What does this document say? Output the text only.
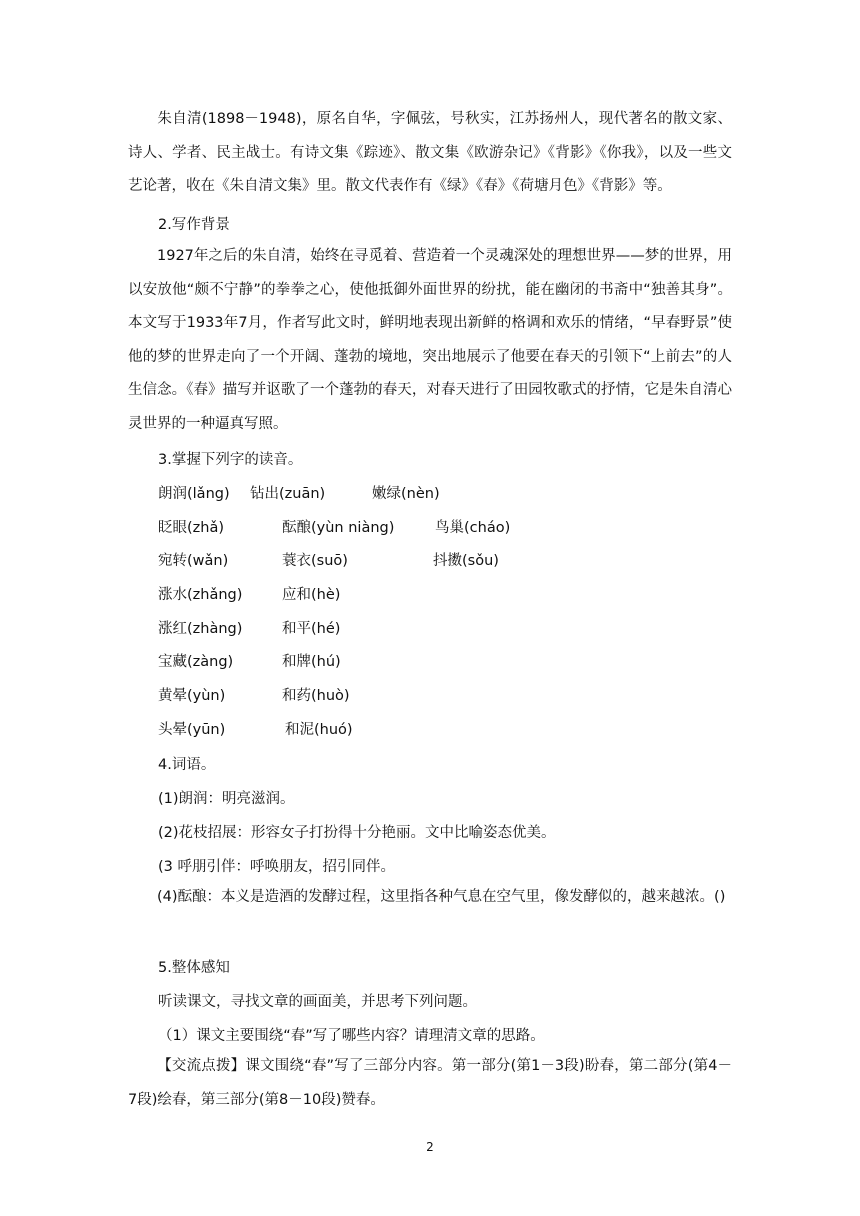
朱自清(1898－1948)，原名自华，字佩弦，号秋实，江苏扬州人，现代著名的散文家、诗人、学者、民主战士。有诗文集《踪迹》、散文集《欧游杂记》《背影》《你我》，以及一些文艺论著，收在《朱自清文集》里。散文代表作有《绿》《春》《荷塘月色》《背影》等。
2.写作背景
1927年之后的朱自清，始终在寻觅着、营造着一个灵魂深处的理想世界——梦的世界，用以安放他“颇不宁静”的拳拳之心，使他抵御外面世界的纷扰，能在幽闭的书斋中“独善其身”。本文写于1933年7月，作者写此文时，鲜明地表现出新鲜的格调和欢乐的情绪，“早春野景”使他的梦的世界走向了一个开阔、蓬勃的境地，突出地展示了他要在春天的引领下“上前去”的人生信念。《春》描写并讴歌了一个蓬勃的春天，对春天进行了田园牧歌式的抒情，它是朱自清心灵世界的一种逼真写照。
3.掌握下列字的读音。
朗润(lǎng) 钻出(zuān)	嫩绿(nèn)
眨眼(zhǎ)	酝酿(yùn niàng)	鸟巢(cháo)
宛转(wǎn)	蓑衣(suō)	抖擞(sǒu)
涨水(zhǎng)	应和(hè)
涨红(zhàng)	和平(hé)
宝藏(zàng)	和牌(hú)
黄晕(yùn)	和药(huò)
头晕(yūn)	和泥(huó)
4.词语。
(1)朗润：明亮滋润。
(2)花枝招展：形容女子打扮得十分艳丽。文中比喻姿态优美。
(3 呼朋引伴：呼唤朋友，招引同伴。
(4)酝酿：本义是造酒的发酵过程，这里指各种气息在空气里，像发酵似的，越来越浓。()
5.整体感知
听读课文，寻找文章的画面美，并思考下列问题。
（1）课文主要围绕“春”写了哪些内容？请理清文章的思路。
【交流点拨】课文围绕“春”写了三部分内容。第一部分(第1－3段)盼春，第二部分(第4－7段)绘春，第三部分(第8－10段)赞春。
2
